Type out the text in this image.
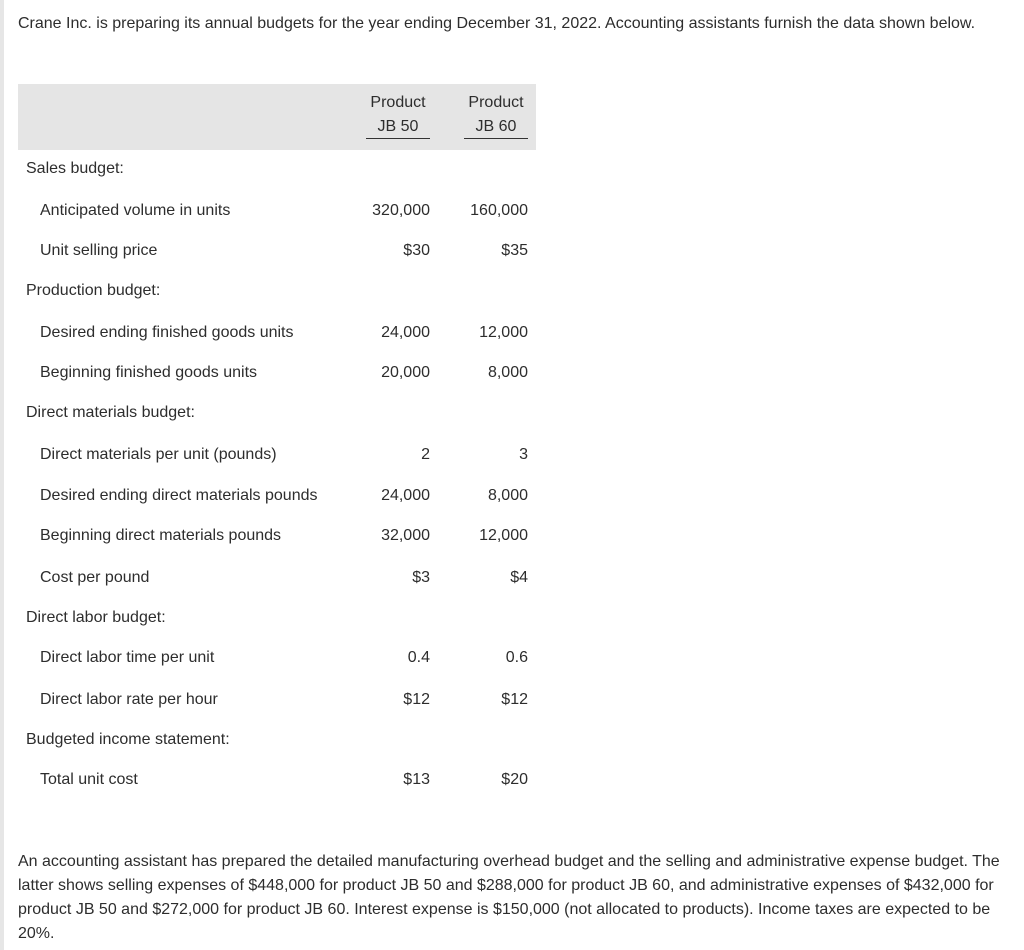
Crane Inc. is preparing its annual budgets for the year ending December 31, 2022. Accounting assistants furnish the data shown below.

Product
JB 50
Product
JB 60
Sales budget:
Anticipated volume in units	320,000	160,000
Unit selling price	$30	$35
Production budget:
Desired ending finished goods units	24,000	12,000
Beginning finished goods units	20,000	8,000
Direct materials budget:
Direct materials per unit (pounds)	2	3
Desired ending direct materials pounds	24,000	8,000
Beginning direct materials pounds	32,000	12,000
Cost per pound	$3	$4
Direct labor budget:
Direct labor time per unit	0.4	0.6
Direct labor rate per hour	$12	$12
Budgeted income statement:
Total unit cost	$13	$20

An accounting assistant has prepared the detailed manufacturing overhead budget and the selling and administrative expense budget. The latter shows selling expenses of $448,000 for product JB 50 and $288,000 for product JB 60, and administrative expenses of $432,000 for product JB 50 and $272,000 for product JB 60. Interest expense is $150,000 (not allocated to products). Income taxes are expected to be 20%.
